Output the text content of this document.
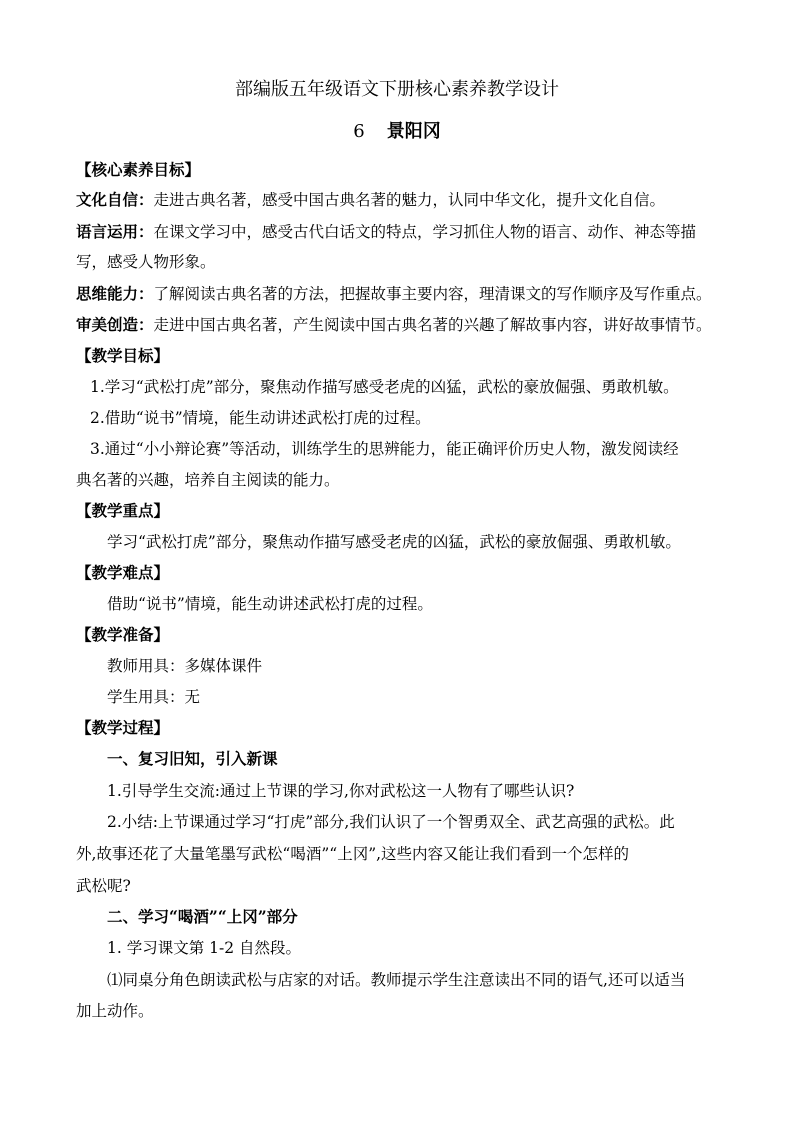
部编版五年级语文下册核心素养教学设计
6 景阳冈
【核心素养目标】
文化自信：走进古典名著，感受中国古典名著的魅力，认同中华文化，提升文化自信。
语言运用：在课文学习中，感受古代白话文的特点，学习抓住人物的语言、动作、神态等描
写，感受人物形象。
思维能力：了解阅读古典名著的方法，把握故事主要内容，理清课文的写作顺序及写作重点。
审美创造：走进中国古典名著，产生阅读中国古典名著的兴趣了解故事内容，讲好故事情节。
【教学目标】
1.学习“武松打虎”部分，聚焦动作描写感受老虎的凶猛，武松的豪放倔强、勇敢机敏。
2.借助“说书”情境，能生动讲述武松打虎的过程。
3.通过“小小辩论赛”等活动，训练学生的思辨能力，能正确评价历史人物，激发阅读经
典名著的兴趣，培养自主阅读的能力。
【教学重点】
学习“武松打虎”部分，聚焦动作描写感受老虎的凶猛，武松的豪放倔强、勇敢机敏。
【教学难点】
借助“说书”情境，能生动讲述武松打虎的过程。
【教学准备】
教师用具：多媒体课件
学生用具：无
【教学过程】
一、复习旧知，引入新课
1.引导学生交流:通过上节课的学习,你对武松这一人物有了哪些认识?
2.小结:上节课通过学习“打虎”部分,我们认识了一个智勇双全、武艺高强的武松。此
外,故事还花了大量笔墨写武松“喝酒”“上冈”,这些内容又能让我们看到一个怎样的
武松呢?
二、学习“喝酒”“上冈”部分
1. 学习课文第 1-2 自然段。
⑴同桌分角色朗读武松与店家的对话。教师提示学生注意读出不同的语气,还可以适当
加上动作。
